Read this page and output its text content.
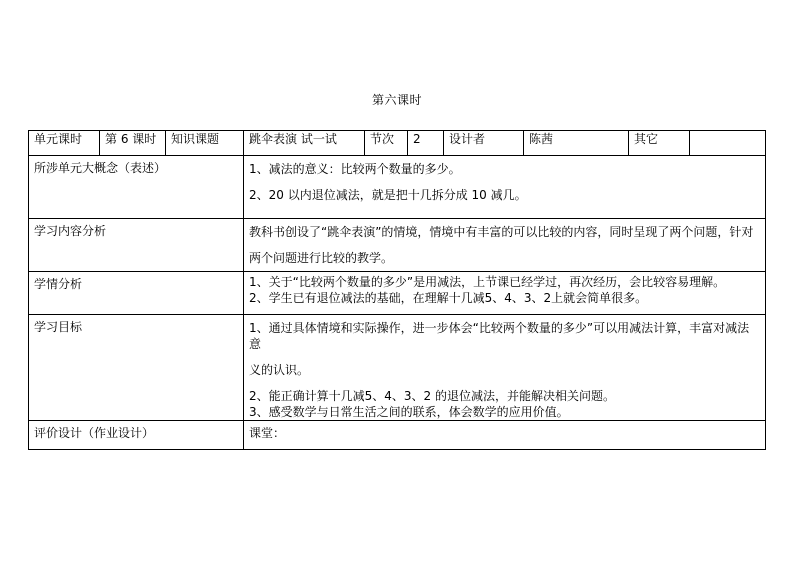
第六课时
单元课时	第 6 课时	知识课题	跳伞表演 试一试	节次	2	设计者	陈茜	其它	
所涉单元大概念（表述）			1、减法的意义：比较两个数量的多少。

2、20 以内退位减法，就是把十几拆分成 10 减几。						

学习内容分析			教科书创设了“跳伞表演”的情境，情境中有丰富的可以比较的内容，同时呈现了两个问题，针对

两个问题进行比较的教学。						

学情分析			1、关于“比较两个数量的多少”是用减法，上节课已经学过，再次经历，会比较容易理解。

2、学生已有退位减法的基础，在理解十几减5、4、3、2上就会简单很多。						

学习目标			1、通过具体情境和实际操作，进一步体会“比较两个数量的多少”可以用减法计算，丰富对减法意

义的认识。

2、能正确计算十几减5、4、3、2 的退位减法，并能解决相关问题。

3、感受数学与日常生活之间的联系，体会数学的应用价值。						

评价设计（作业设计）			课堂：						
